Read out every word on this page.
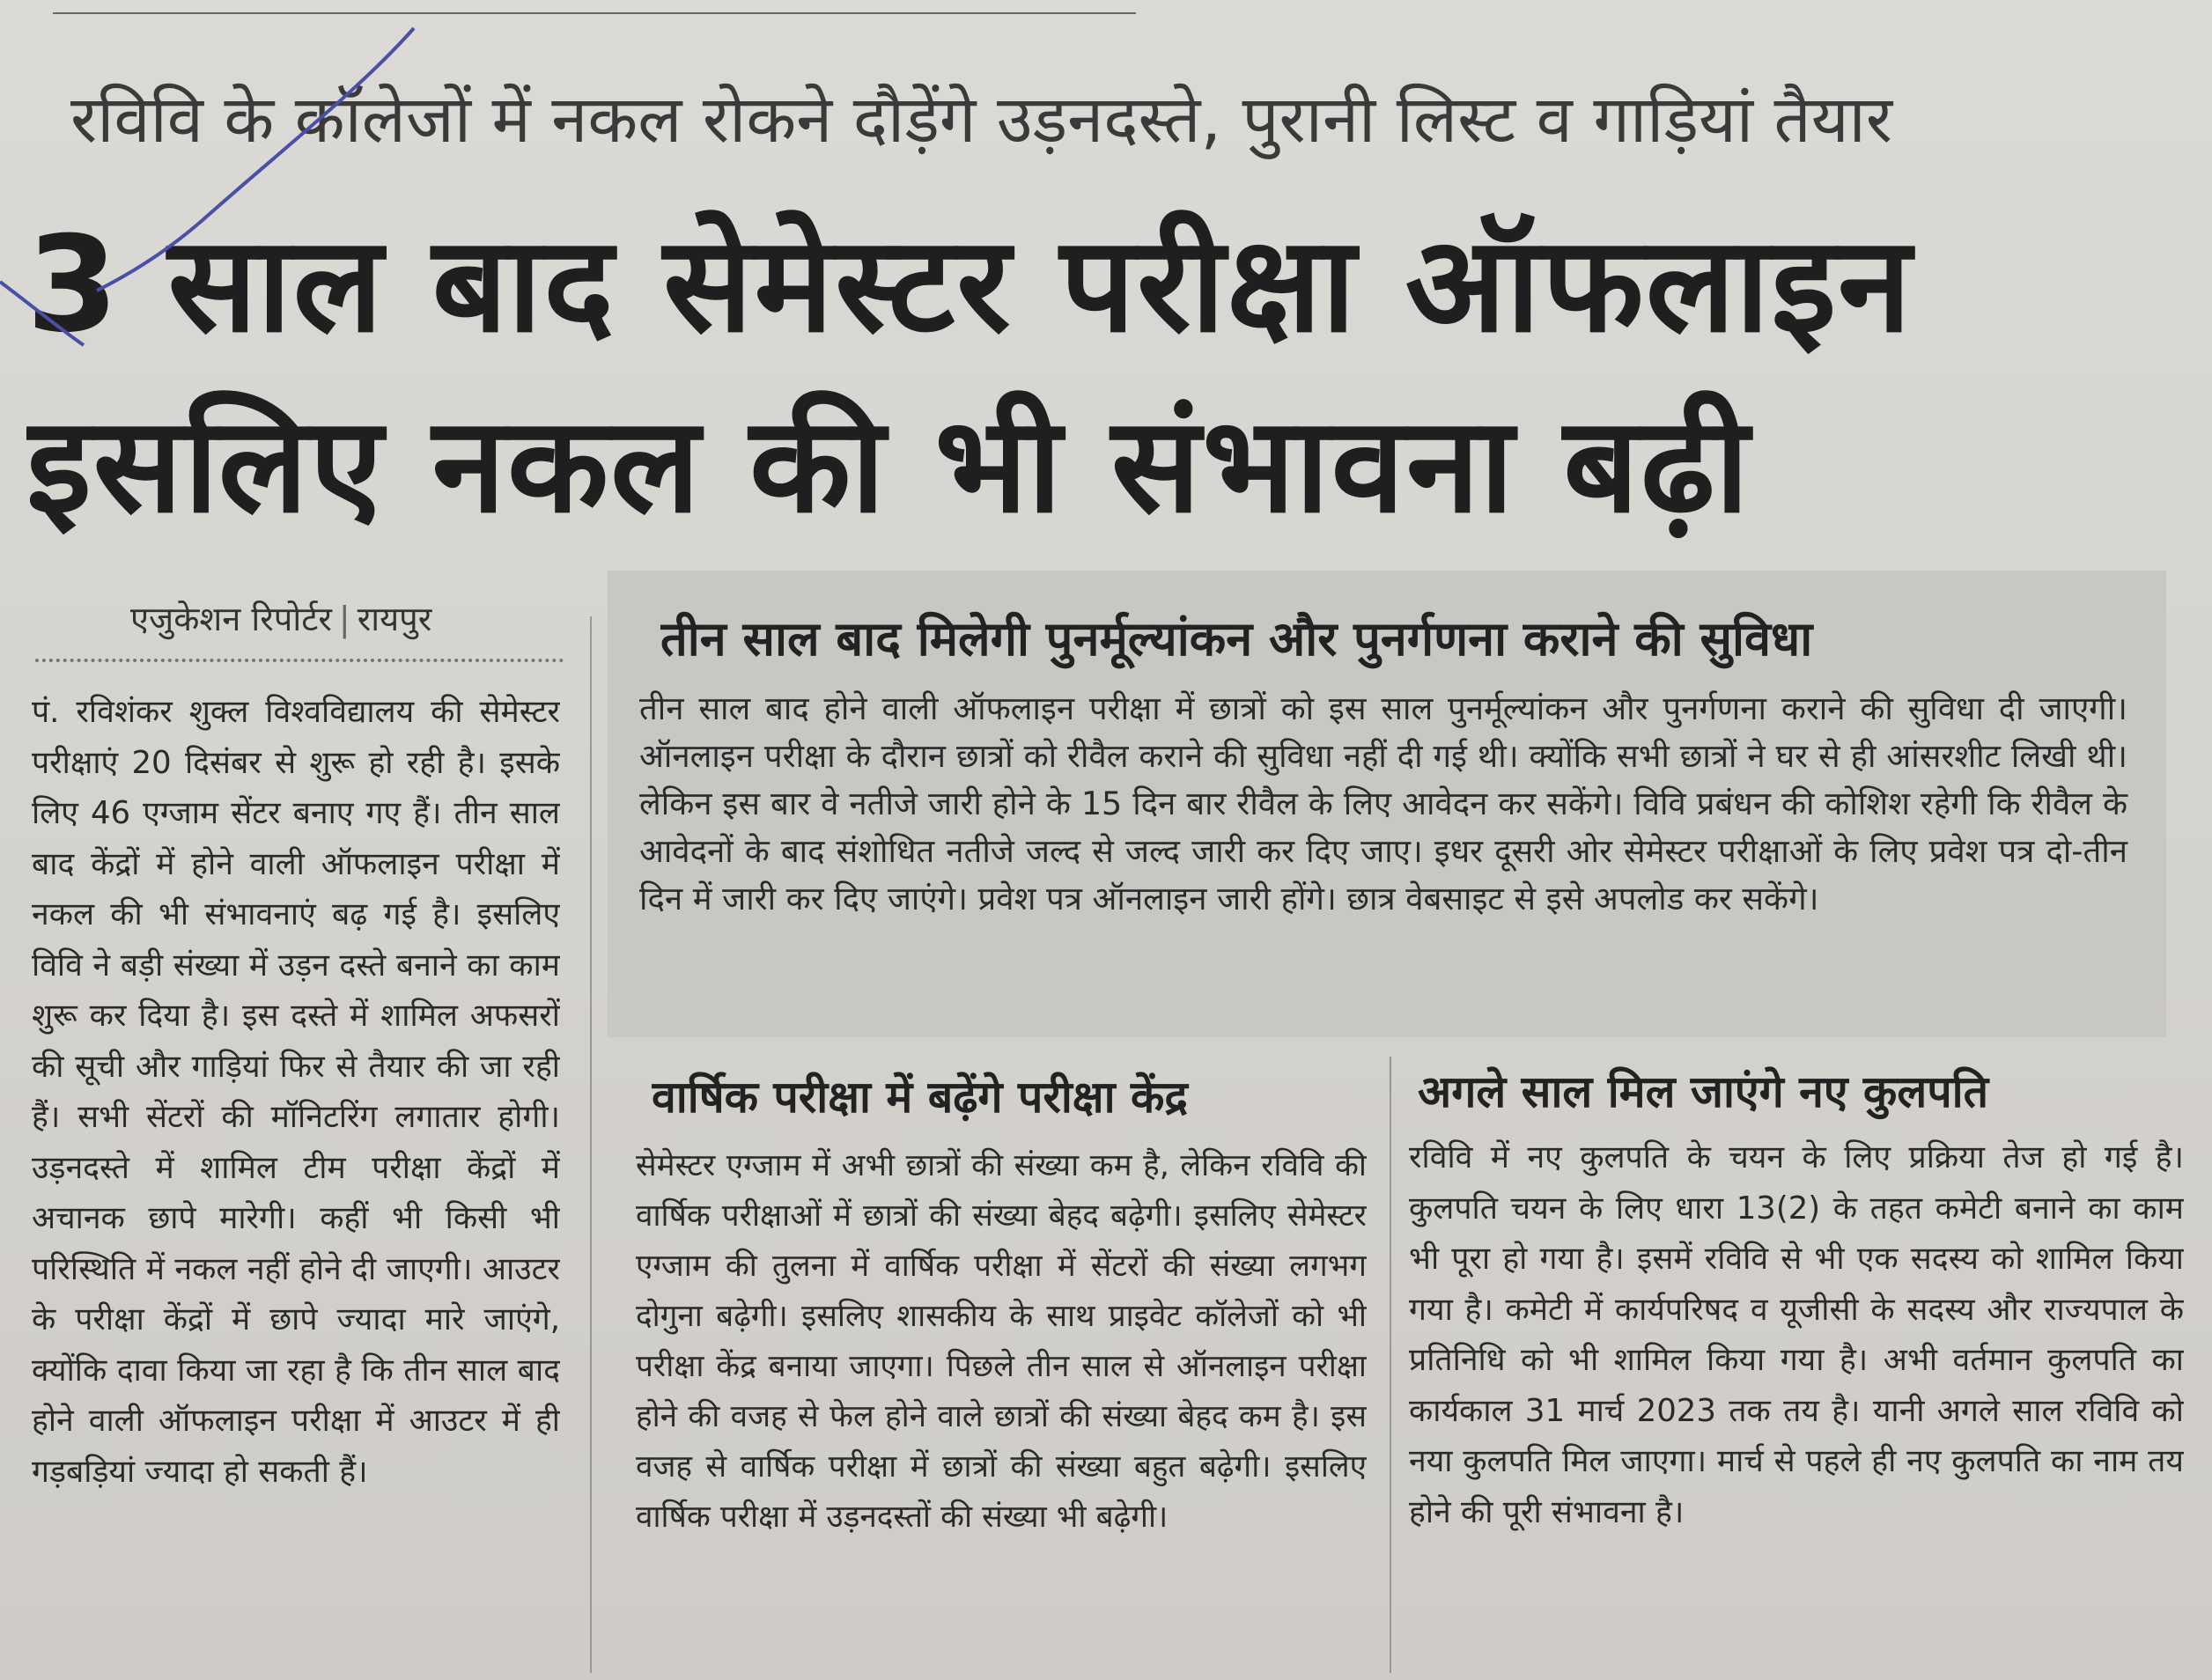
रविवि के कॉलेजों में नकल रोकने दौड़ेंगे उड़नदस्ते, पुरानी लिस्ट व गाड़ियां तैयार
3 साल बाद सेमेस्टर परीक्षा ऑफलाइन
इसलिए नकल की भी संभावना बढ़ी
एजुकेशन रिपोर्टर | रायपुर
पं. रविशंकर शुक्ल विश्वविद्यालय की सेमेस्टर परीक्षाएं 20 दिसंबर से शुरू हो रही है। इसके लिए 46 एग्जाम सेंटर बनाए गए हैं। तीन साल बाद केंद्रों में होने वाली ऑफलाइन परीक्षा में नकल की भी संभावनाएं बढ़ गई है। इसलिए विवि ने बड़ी संख्या में उड़न दस्ते बनाने का काम शुरू कर दिया है। इस दस्ते में शामिल अफसरों की सूची और गाड़ियां फिर से तैयार की जा रही हैं। सभी सेंटरों की मॉनिटरिंग लगातार होगी। उड़नदस्ते में शामिल टीम परीक्षा केंद्रों में अचानक छापे मारेगी। कहीं भी किसी भी परिस्थिति में नकल नहीं होने दी जाएगी। आउटर के परीक्षा केंद्रों में छापे ज्यादा मारे जाएंगे, क्योंकि दावा किया जा रहा है कि तीन साल बाद होने वाली ऑफलाइन परीक्षा में आउटर में ही गड़बड़ियां ज्यादा हो सकती हैं।
तीन साल बाद मिलेगी पुनर्मूल्यांकन और पुनर्गणना कराने की सुविधा
तीन साल बाद होने वाली ऑफलाइन परीक्षा में छात्रों को इस साल पुनर्मूल्यांकन और पुनर्गणना कराने की सुविधा दी जाएगी। ऑनलाइन परीक्षा के दौरान छात्रों को रीवैल कराने की सुविधा नहीं दी गई थी। क्योंकि सभी छात्रों ने घर से ही आंसरशीट लिखी थी। लेकिन इस बार वे नतीजे जारी होने के 15 दिन बार रीवैल के लिए आवेदन कर सकेंगे। विवि प्रबंधन की कोशिश रहेगी कि रीवैल के आवेदनों के बाद संशोधित नतीजे जल्द से जल्द जारी कर दिए जाए। इधर दूसरी ओर सेमेस्टर परीक्षाओं के लिए प्रवेश पत्र दो-तीन दिन में जारी कर दिए जाएंगे। प्रवेश पत्र ऑनलाइन जारी होंगे। छात्र वेबसाइट से इसे अपलोड कर सकेंगे।
वार्षिक परीक्षा में बढ़ेंगे परीक्षा केंद्र
सेमेस्टर एग्जाम में अभी छात्रों की संख्या कम है, लेकिन रविवि की वार्षिक परीक्षाओं में छात्रों की संख्या बेहद बढ़ेगी। इसलिए सेमेस्टर एग्जाम की तुलना में वार्षिक परीक्षा में सेंटरों की संख्या लगभग दोगुना बढ़ेगी। इसलिए शासकीय के साथ प्राइवेट कॉलेजों को भी परीक्षा केंद्र बनाया जाएगा। पिछले तीन साल से ऑनलाइन परीक्षा होने की वजह से फेल होने वाले छात्रों की संख्या बेहद कम है। इस वजह से वार्षिक परीक्षा में छात्रों की संख्या बहुत बढ़ेगी। इसलिए वार्षिक परीक्षा में उड़नदस्तों की संख्या भी बढ़ेगी।
अगले साल मिल जाएंगे नए कुलपति
रविवि में नए कुलपति के चयन के लिए प्रक्रिया तेज हो गई है। कुलपति चयन के लिए धारा 13(2) के तहत कमेटी बनाने का काम भी पूरा हो गया है। इसमें रविवि से भी एक सदस्य को शामिल किया गया है। कमेटी में कार्यपरिषद व यूजीसी के सदस्य और राज्यपाल के प्रतिनिधि को भी शामिल किया गया है। अभी वर्तमान कुलपति का कार्यकाल 31 मार्च 2023 तक तय है। यानी अगले साल रविवि को नया कुलपति मिल जाएगा। मार्च से पहले ही नए कुलपति का नाम तय होने की पूरी संभावना है।
